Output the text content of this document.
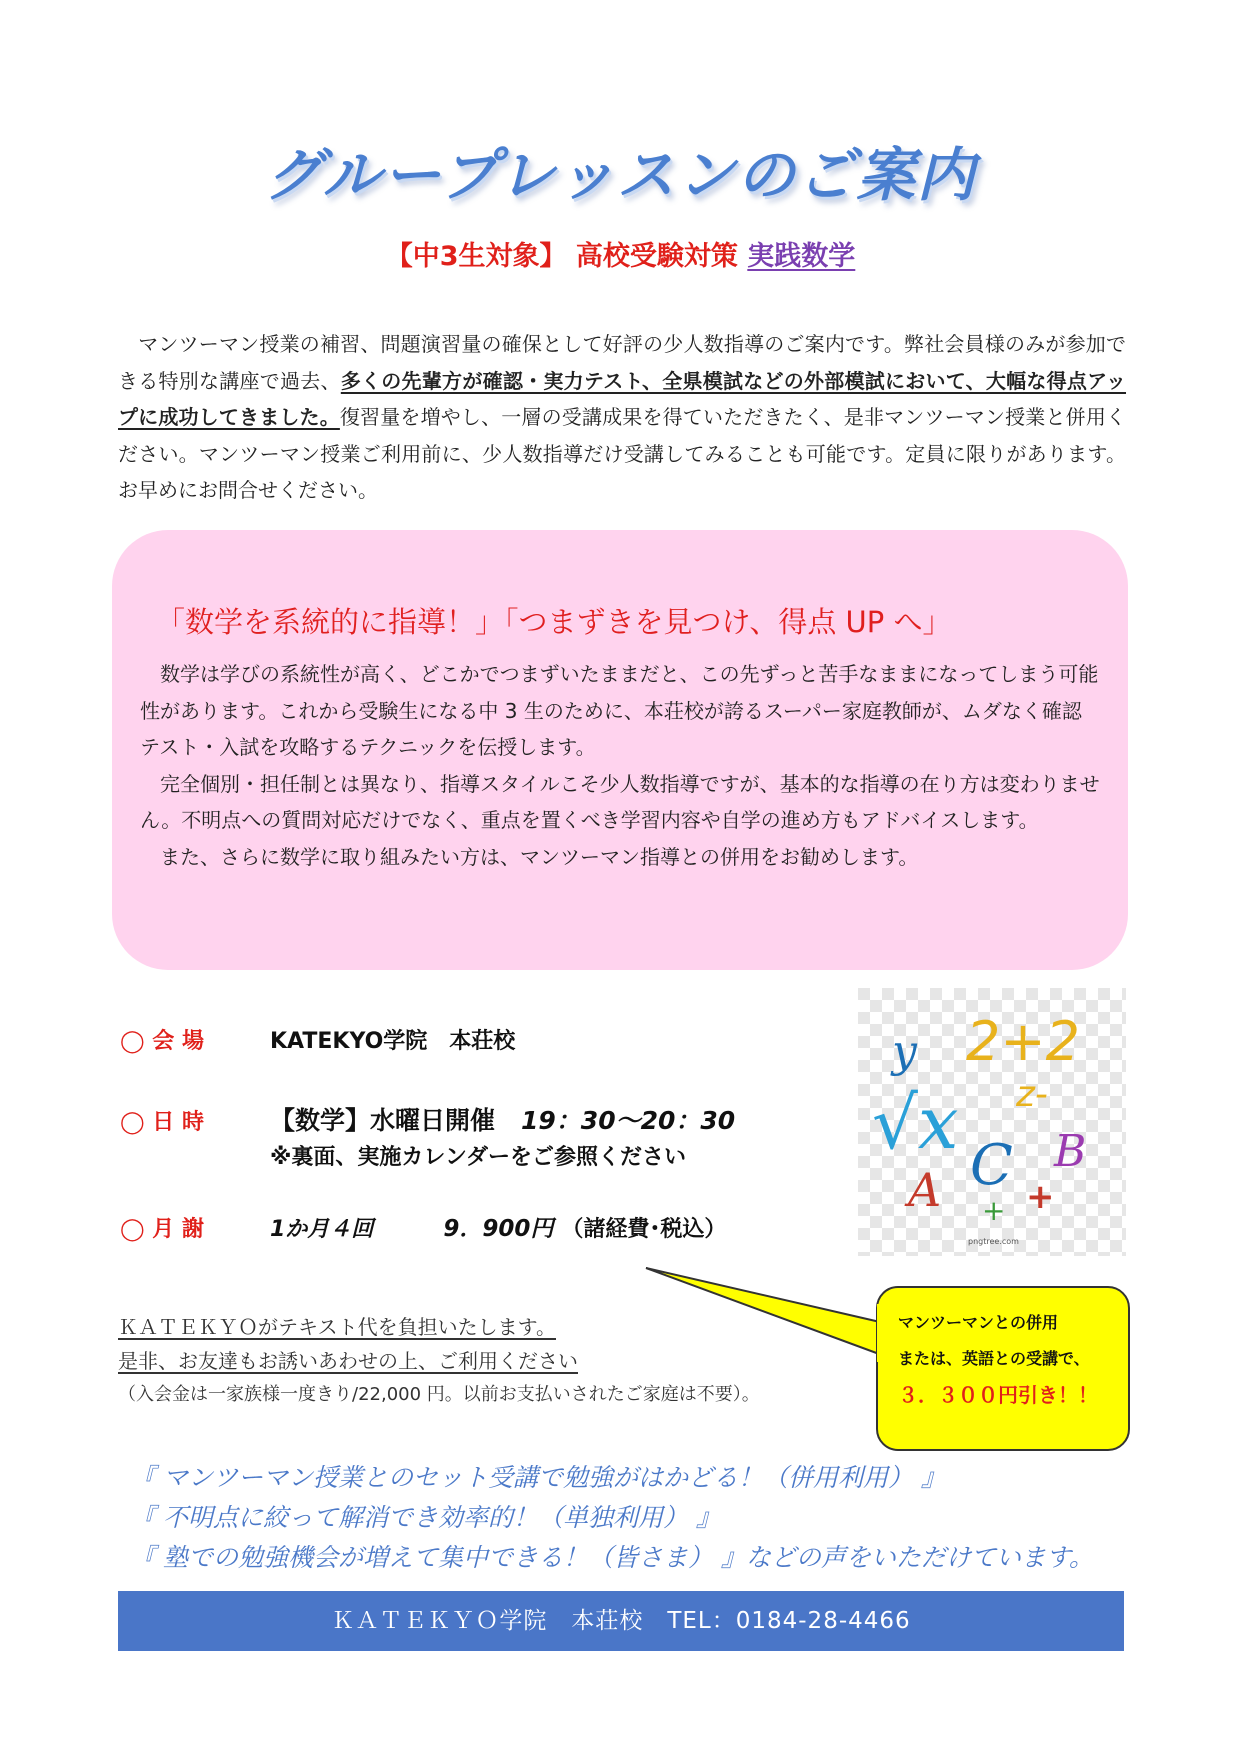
グループレッスンのご案内
【中3生対象】 高校受験対策 実践数学
 マンツーマン授業の補習、問題演習量の確保として好評の少人数指導のご案内です。弊社会員様のみが参加できる特別な講座で過去、多くの先輩方が確認・実力テスト、全県模試などの外部模試において、大幅な得点アップに成功してきました。復習量を増やし、一層の受講成果を得ていただきたく、是非マンツーマン授業と併用ください。マンツーマン授業ご利用前に、少人数指導だけ受講してみることも可能です。定員に限りがあります。お早めにお問合せください。
「数学を系統的に指導！」「つまずきを見つけ、得点 UP へ」

数学は学びの系統性が高く、どこかでつまずいたままだと、この先ずっと苦手なままになってしまう可能性があります。これから受験生になる中 3 生のために、本荘校が誇るスーパー家庭教師が、ムダなく確認テスト・入試を攻略するテクニックを伝授します。

完全個別・担任制とは異なり、指導スタイルこそ少人数指導ですが、基本的な指導の在り方は変わりません。不明点への質問対応だけでなく、重点を置くべき学習内容や自学の進め方もアドバイスします。

また、さらに数学に取り組みたい方は、マンツーマン指導との併用をお勧めします。

◯ 会 場	KATEKYO学院　本荘校
◯ 日 時	【数学】水曜日開催 19：30～20：30
※裏面、実施カレンダーをご参照ください
◯ 月 謝	1か月４回	9．900円 （諸経費･税込）
y 2+2
z-
√x
C B
A +
+
pngtree.com
マンツーマンとの併用
または、英語との受講で、
３．３００円引き！！
ＫＡＴＥＫＹＯがテキスト代を負担いたします。
是非、お友達もお誘いあわせの上、ご利用ください
（入会金は一家族様一度きり/22,000 円。以前お支払いされたご家庭は不要）。
『 マンツーマン授業とのセット受講で勉強がはかどる！（併用利用） 』
『 不明点に絞って解消でき効率的！（単独利用） 』
『 塾での勉強機会が増えて集中できる！（皆さま） 』などの声をいただけています。
ＫＡＴＥＫＹＯ学院　本荘校　TEL：0184-28-4466
